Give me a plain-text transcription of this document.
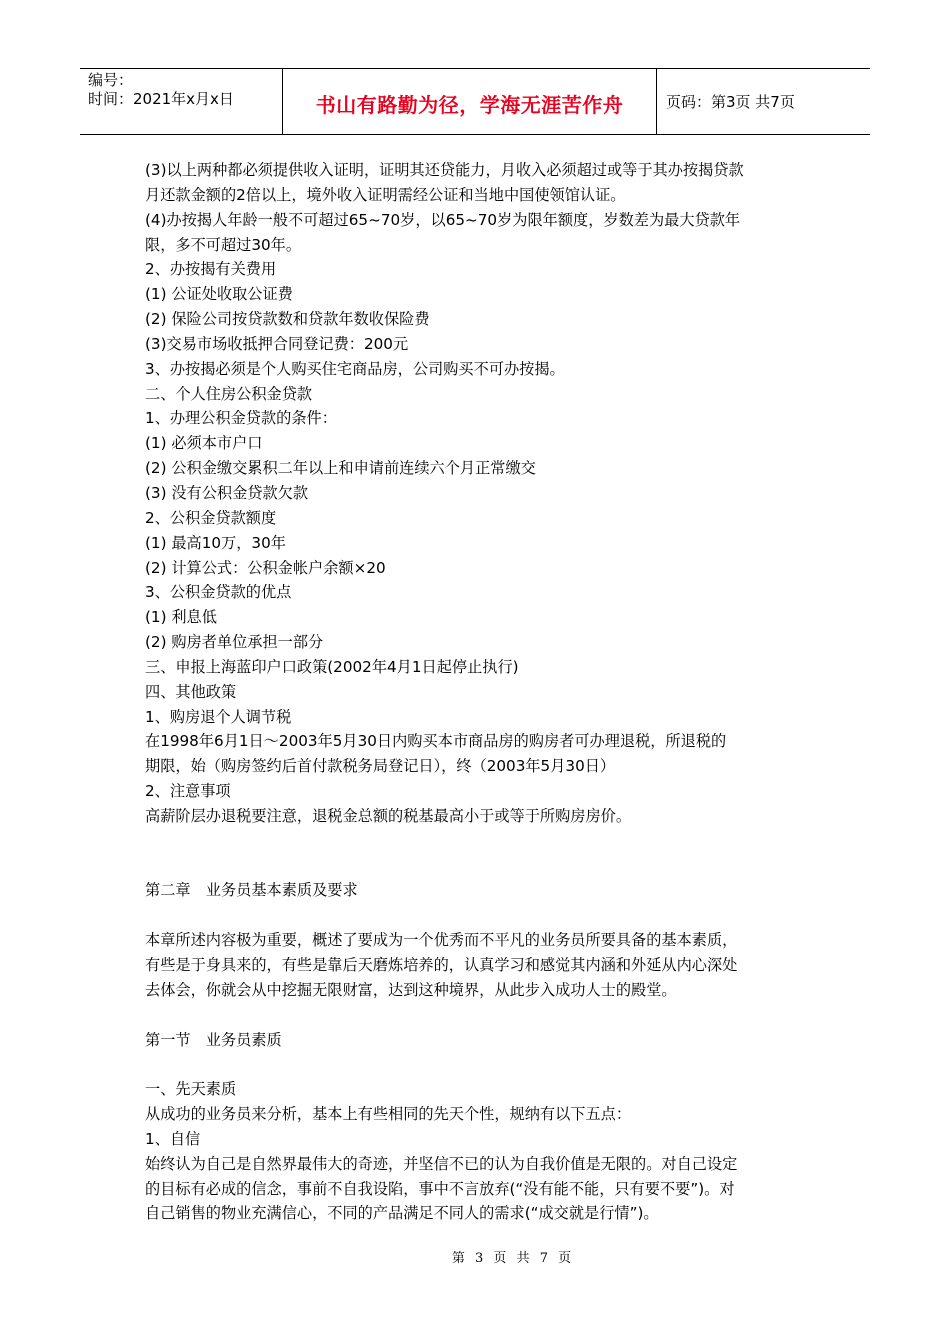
编号：
时间：2021年x月x日	书山有路勤为径，学海无涯苦作舟	页码：第3页 共7页
(3)以上两种都必须提供收入证明，证明其还贷能力，月收入必须超过或等于其办按揭贷款
月还款金额的2倍以上，境外收入证明需经公证和当地中国使领馆认证。
(4)办按揭人年龄一般不可超过65~70岁，以65~70岁为限年额度，岁数差为最大贷款年
限，多不可超过30年。
2、办按揭有关费用
(1) 公证处收取公证费
(2) 保险公司按贷款数和贷款年数收保险费
(3)交易市场收抵押合同登记费：200元
3、办按揭必须是个人购买住宅商品房，公司购买不可办按揭。
二、个人住房公积金贷款
1、办理公积金贷款的条件：
(1) 必须本市户口
(2) 公积金缴交累积二年以上和申请前连续六个月正常缴交
(3) 没有公积金贷款欠款
2、公积金贷款额度
(1) 最高10万，30年
(2) 计算公式：公积金帐户余额×20
3、公积金贷款的优点
(1) 利息低
(2) 购房者单位承担一部分
三、申报上海蓝印户口政策(2002年4月1日起停止执行)
四、其他政策
1、购房退个人调节税
在1998年6月1日～2003年5月30日内购买本市商品房的购房者可办理退税，所退税的
期限，始（购房签约后首付款税务局登记日），终（2003年5月30日）
2、注意事项
高薪阶层办退税要注意，退税金总额的税基最高小于或等于所购房房价。
第二章　业务员基本素质及要求
本章所述内容极为重要，概述了要成为一个优秀而不平凡的业务员所要具备的基本素质，
有些是于身具来的，有些是靠后天磨炼培养的，认真学习和感觉其内涵和外延从内心深处
去体会，你就会从中挖掘无限财富，达到这种境界，从此步入成功人士的殿堂。
第一节　业务员素质
一、先天素质
从成功的业务员来分析，基本上有些相同的先天个性，规纳有以下五点：
1、自信
始终认为自己是自然界最伟大的奇迹，并坚信不已的认为自我价值是无限的。对自己设定
的目标有必成的信念，事前不自我设陷，事中不言放弃(“没有能不能，只有要不要”)。对
自己销售的物业充满信心，不同的产品满足不同人的需求(“成交就是行情”)。
第 3 页 共 7 页
